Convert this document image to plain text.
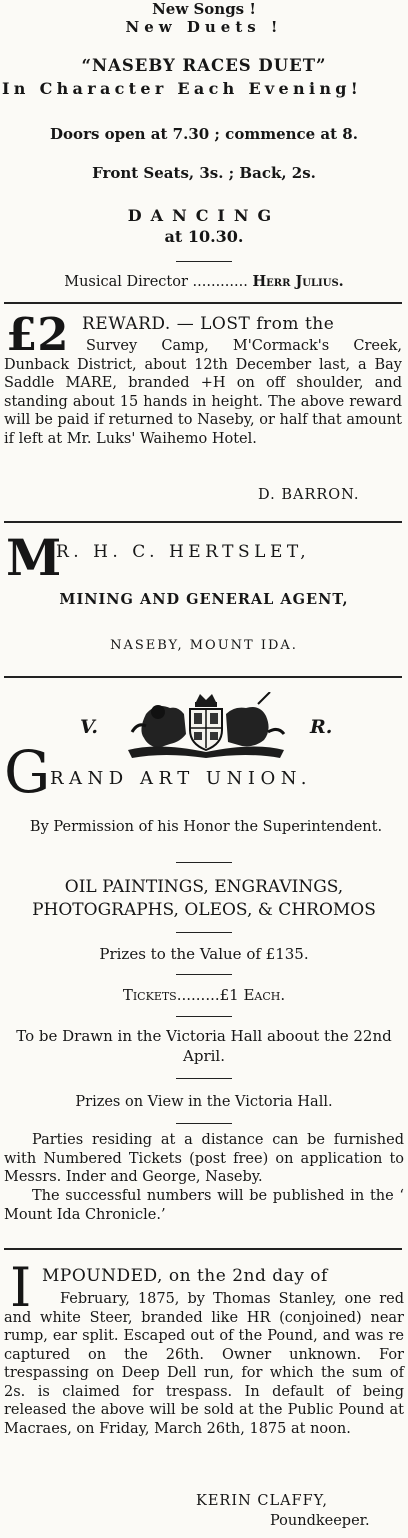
New Songs !
New Duets !
“NASEBY RACES DUET”
In Character Each Evening!
Doors open at 7.30 ; commence at 8.
Front Seats, 3s. ; Back, 2s.
DANCING
at 10.30.
Musical Director ............ Herr Julius.
£2 REWARD. — LOST from the
Survey Camp, M'Cormack's Creek, Dunback District, about 12th December last, a Bay Saddle MARE, branded +H on off shoulder, and standing about 15 hands in height. The above reward will be paid if returned to Naseby, or half that amount if left at Mr. Luks' Waihemo Hotel.
D. BARRON.
M
R. H. C. HERTSLET,
MINING AND GENERAL AGENT,
NASEBY, MOUNT IDA.
V.	R.
G RAND ART UNION.
By Permission of his Honor the Superintendent.
OIL PAINTINGS, ENGRAVINGS,
PHOTOGRAPHS, OLEOS, & CHROMOS
Prizes to the Value of £135.
Tickets.........£1 Each.
To be Drawn in the Victoria Hall aboout the 22nd April.
Prizes on View in the Victoria Hall.
Parties residing at a distance can be furnished with Numbered Tickets (post free) on application to Messrs. Inder and George, Naseby.
The successful numbers will be published in the ‘ Mount Ida Chronicle.’
I MPOUNDED, on the 2nd day of
February, 1875, by Thomas Stanley, one red and white Steer, branded like HR (conjoined) near rump, ear split. Escaped out of the Pound, and was re captured on the 26th. Owner unknown. For trespassing on Deep Dell run, for which the sum of 2s. is claimed for trespass. In default of being released the above will be sold at the Public Pound at Macraes, on Friday, March 26th, 1875 at noon.
KERIN CLAFFY,
Poundkeeper.
